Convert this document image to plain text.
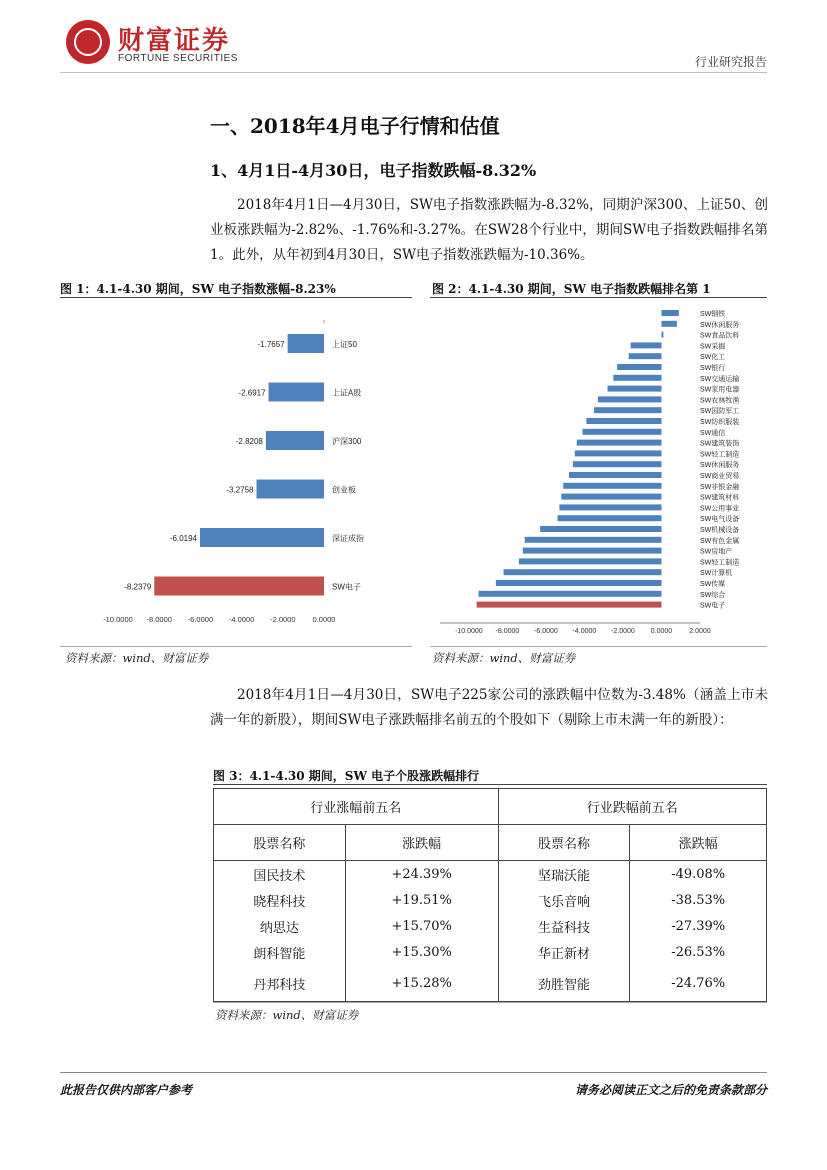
财富证券
FORTUNE SECURITIES	行业研究报告
一、2018年4月电子行情和估值
1、4月1日-4月30日，电子指数跌幅-8.32%
2018年4月1日—4月30日，SW电子指数涨跌幅为-8.32%，同期沪深300、上证50、创业板涨跌幅为-2.82%、-1.76%和-3.27%。在SW28个行业中，期间SW电子指数跌幅排名第1。此外，从年初到4月30日，SW电子指数涨跌幅为-10.36%。
图 1：4.1-4.30 期间，SW 电子指数涨幅-8.23%
-1.7657	上证50
-2.6917	上证A股
-2.8208	沪深300
-3.2758	创业板
-6.0194	深证成指
-8.2379	SW电子
-10.0000 -8.0000 -6.0000 -4.0000 -2.0000 0.0000
资料来源：wind、财富证券
图 2：4.1-4.30 期间，SW 电子指数跌幅排名第 1
SW钢铁
SW休闲服务
SW食品饮料
SW采掘
SW化工
SW银行
SW交通运输
SW家用电器
SW农林牧渔
SW国防军工
SW纺织服装
SW通信
SW建筑装饰
SW轻工制造
SW休闲服务
SW商业贸易
SW非银金融
SW建筑材料
SW公用事业
SW电气设备
SW机械设备
SW有色金属
SW房地产
SW轻工制造
SW计算机
SW传媒
SW综合
SW电子
-10.0000 -8.0000 -6.0000 -4.0000 -2.0000 0.0000 2.0000
资料来源：wind、财富证券
2018年4月1日—4月30日，SW电子225家公司的涨跌幅中位数为-3.48%（涵盖上市未满一年的新股），期间SW电子涨跌幅排名前五的个股如下（剔除上市未满一年的新股）：
图 3：4.1-4.30 期间，SW 电子个股涨跌幅排行
行业涨幅前五名		行业跌幅前五名	
股票名称	涨跌幅	股票名称	涨跌幅
国民技术	+24.39%	坚瑞沃能	-49.08%
晓程科技	+19.51%	飞乐音响	-38.53%
纳思达	+15.70%	生益科技	-27.39%
朗科智能	+15.30%	华正新材	-26.53%
丹邦科技	+15.28%	劲胜智能	-24.76%
资料来源：wind、财富证券
此报告仅供内部客户参考	请务必阅读正文之后的免责条款部分
